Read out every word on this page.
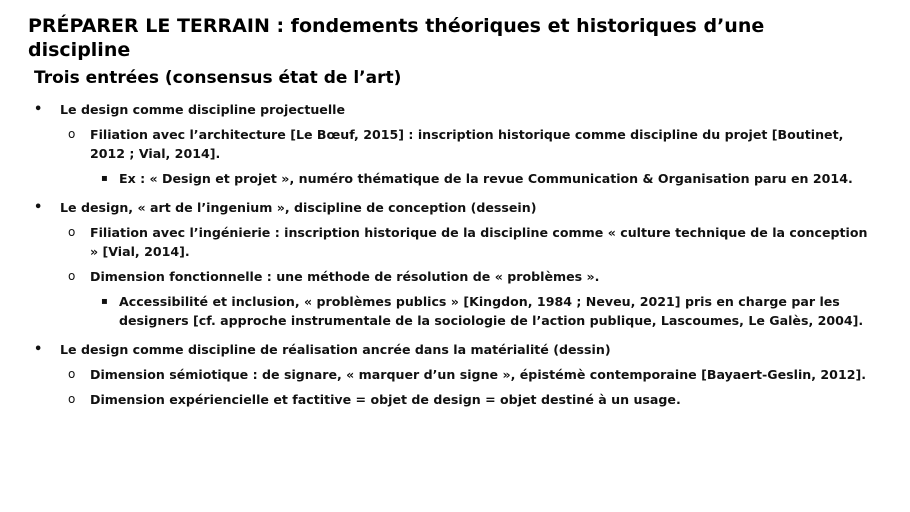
PRÉPARER LE TERRAIN : fondements théoriques et historiques d’une discipline
Trois entrées (consensus état de l’art)
• Le design comme discipline projectuelle
o Filiation avec l’architecture [Le Bœuf, 2015] : inscription historique comme discipline du projet [Boutinet, 2012 ; Vial, 2014].
▪ Ex : « Design et projet », numéro thématique de la revue Communication & Organisation paru en 2014.
• Le design, « art de l’ingenium », discipline de conception (dessein)
o Filiation avec l’ingénierie : inscription historique de la discipline comme « culture technique de la conception » [Vial, 2014].
o Dimension fonctionnelle : une méthode de résolution de « problèmes ».
▪ Accessibilité et inclusion, « problèmes publics » [Kingdon, 1984 ; Neveu, 2021] pris en charge par les designers [cf. approche instrumentale de la sociologie de l’action publique, Lascoumes, Le Galès, 2004].
• Le design comme discipline de réalisation ancrée dans la matérialité (dessin)
o Dimension sémiotique : de signare, « marquer d’un signe », épistémè contemporaine [Bayaert-Geslin, 2012].
o Dimension expériencielle et factitive = objet de design = objet destiné à un usage.
